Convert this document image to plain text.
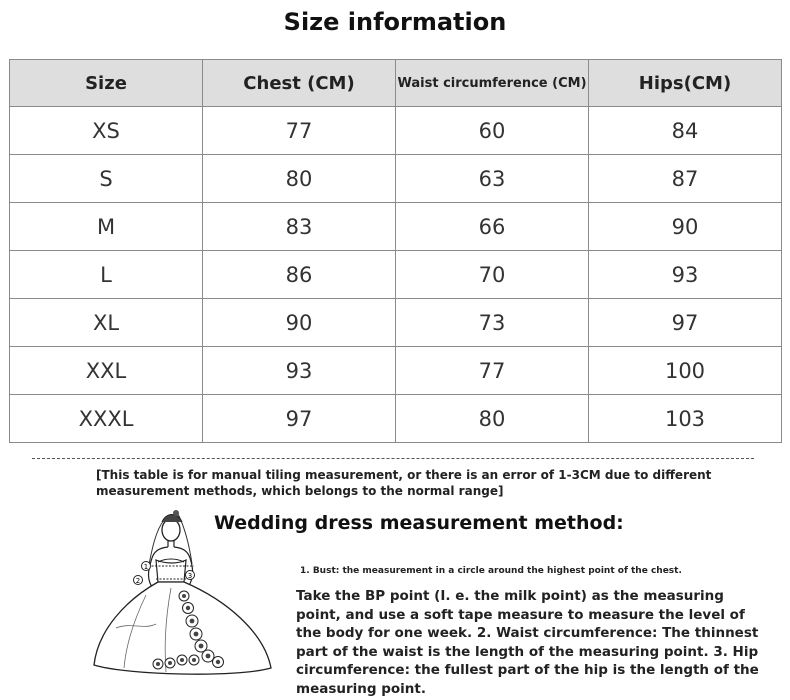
Size information
Size	Chest (CM)	Waist circumference (CM)	Hips(CM)
XS	77	60	84
S	80	63	87
M	83	66	90
L	86	70	93
XL	90	73	97
XXL	93	77	100
XXXL	97	80	103
[This table is for manual tiling measurement, or there is an error of 1-3CM due to different measurement methods, which belongs to the normal range]
1
2
3
Wedding dress measurement method:
1. Bust: the measurement in a circle around the highest point of the chest.
Take the BP point (I. e. the milk point) as the measuring point, and use a soft tape measure to measure the level of the body for one week. 2. Waist circumference: The thinnest part of the waist is the length of the measuring point. 3. Hip circumference: the fullest part of the hip is the length of the measuring point.
